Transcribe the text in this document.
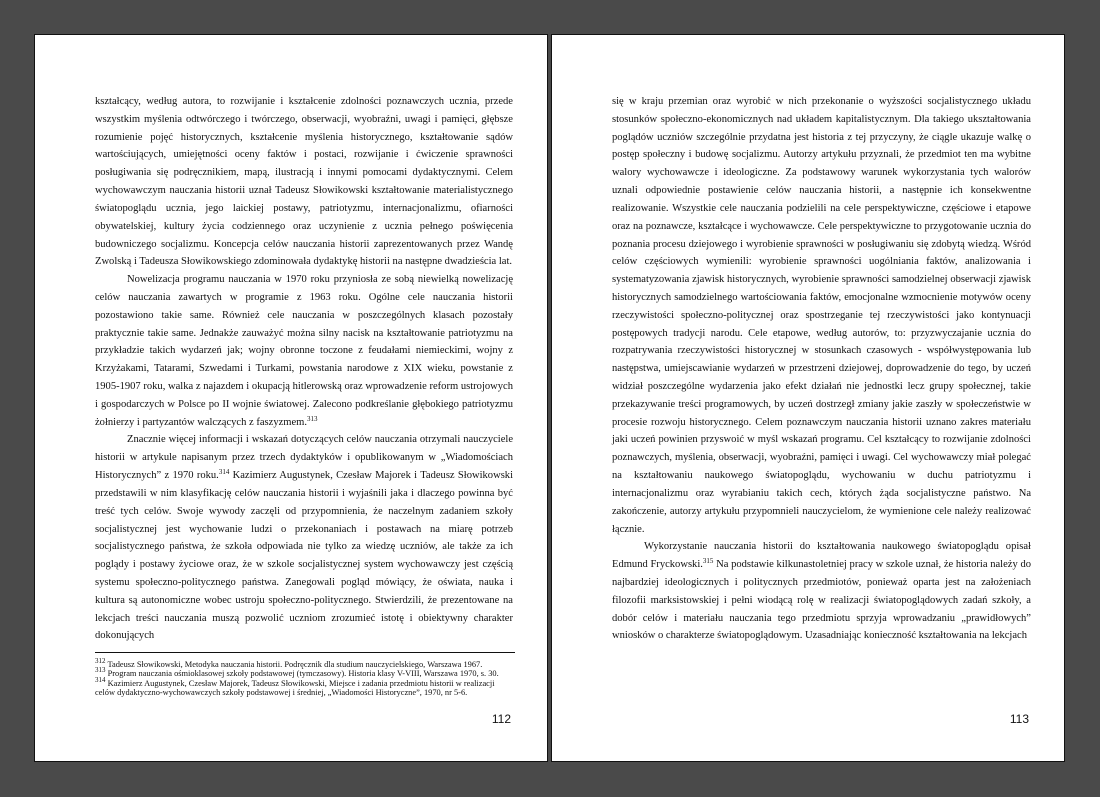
kształcący, według autora, to rozwijanie i kształcenie zdolności poznawczych ucznia, przede wszystkim myślenia odtwórczego i twórczego, obserwacji, wyobraźni, uwagi i pamięci, głębsze rozumienie pojęć historycznych, kształcenie myślenia historycznego, kształtowanie sądów wartościujących, umiejętności oceny faktów i postaci, rozwijanie i ćwiczenie sprawności posługiwania się podręcznikiem, mapą, ilustracją i innymi pomocami dydaktycznymi. Celem wychowawczym nauczania historii uznał Tadeusz Słowikowski kształtowanie materialistycznego światopoglądu ucznia, jego laickiej postawy, patriotyzmu, internacjonalizmu, ofiarności obywatelskiej, kultury życia codziennego oraz uczynienie z ucznia pełnego poświęcenia budowniczego socjalizmu. Koncepcja celów nauczania historii zaprezentowanych przez Wandę Zwolską i Tadeusza Słowikowskiego zdominowała dydaktykę historii na następne dwadzieścia lat.

Nowelizacja programu nauczania w 1970 roku przyniosła ze sobą niewielką nowelizację celów nauczania zawartych w programie z 1963 roku. Ogólne cele nauczania historii pozostawiono takie same. Również cele nauczania w poszczególnych klasach pozostały praktycznie takie same. Jednakże zauważyć można silny nacisk na kształtowanie patriotyzmu na przykładzie takich wydarzeń jak; wojny obronne toczone z feudałami niemieckimi, wojny z Krzyżakami, Tatarami, Szwedami i Turkami, powstania narodowe z XIX wieku, powstanie z 1905-1907 roku, walka z najazdem i okupacją hitlerowską oraz wprowadzenie reform ustrojowych i gospodarczych w Polsce po II wojnie światowej. Zalecono podkreślanie głębokiego patriotyzmu żołnierzy i partyzantów walczących z faszyzmem.$^{313}$

Znacznie więcej informacji i wskazań dotyczących celów nauczania otrzymali nauczyciele historii w artykule napisanym przez trzech dydaktyków i opublikowanym w „Wiadomościach Historycznych” z 1970 roku.$^{314}$ Kazimierz Augustynek, Czesław Majorek i Tadeusz Słowikowski przedstawili w nim klasyfikację celów nauczania historii i wyjaśnili jaka i dlaczego powinna być treść tych celów. Swoje wywody zaczęli od przypomnienia, że naczelnym zadaniem szkoły socjalistycznej jest wychowanie ludzi o przekonaniach i postawach na miarę potrzeb socjalistycznego państwa, że szkoła odpowiada nie tylko za wiedzę uczniów, ale także za ich poglądy i postawy życiowe oraz, że w szkole socjalistycznej system wychowawczy jest częścią systemu społeczno-politycznego państwa. Zanegowali pogląd mówiący, że oświata, nauka i kultura są autonomiczne wobec ustroju społeczno-politycznego. Stwierdzili, że prezentowane na lekcjach treści nauczania muszą pozwolić uczniom zrozumieć istotę i obiektywny charakter dokonujących

$^{312}$ Tadeusz Słowikowski, Metodyka nauczania historii. Podręcznik dla studium nauczycielskiego, Warszawa 1967.

$^{313}$ Program nauczania ośmioklasowej szkoły podstawowej (tymczasowy). Historia klasy V-VIII, Warszawa 1970, s. 30.

$^{314}$ Kazimierz Augustynek, Czesław Majorek, Tadeusz Słowikowski, Miejsce i zadania przedmiotu historii w realizacji celów dydaktyczno-wychowawczych szkoły podstawowej i średniej, „Wiadomości Historyczne”, 1970, nr 5-6.

112

się w kraju przemian oraz wyrobić w nich przekonanie o wyższości socjalistycznego układu stosunków społeczno-ekonomicznych nad układem kapitalistycznym. Dla takiego ukształtowania poglądów uczniów szczególnie przydatna jest historia z tej przyczyny, że ciągle ukazuje walkę o postęp społeczny i budowę socjalizmu. Autorzy artykułu przyznali, że przedmiot ten ma wybitne walory wychowawcze i ideologiczne. Za podstawowy warunek wykorzystania tych walorów uznali odpowiednie postawienie celów nauczania historii, a następnie ich konsekwentne realizowanie. Wszystkie cele nauczania podzielili na cele perspektywiczne, częściowe i etapowe oraz na poznawcze, kształcące i wychowawcze. Cele perspektywiczne to przygotowanie ucznia do poznania procesu dziejowego i wyrobienie sprawności w posługiwaniu się zdobytą wiedzą. Wśród celów częściowych wymienili: wyrobienie sprawności uogólniania faktów, analizowania i systematyzowania zjawisk historycznych, wyrobienie sprawności samodzielnej obserwacji zjawisk historycznych samodzielnego wartościowania faktów, emocjonalne wzmocnienie motywów oceny rzeczywistości społeczno-politycznej oraz spostrzeganie tej rzeczywistości jako kontynuacji postępowych tradycji narodu. Cele etapowe, według autorów, to: przyzwyczajanie ucznia do rozpatrywania rzeczywistości historycznej w stosunkach czasowych - współwystępowania lub następstwa, umiejscawianie wydarzeń w przestrzeni dziejowej, doprowadzenie do tego, by uczeń widział poszczególne wydarzenia jako efekt działań nie jednostki lecz grupy społecznej, takie przekazywanie treści programowych, by uczeń dostrzegł zmiany jakie zaszły w społeczeństwie w procesie rozwoju historycznego. Celem poznawczym nauczania historii uznano zakres materiału jaki uczeń powinien przyswoić w myśl wskazań programu. Cel kształcący to rozwijanie zdolności poznawczych, myślenia, obserwacji, wyobraźni, pamięci i uwagi. Cel wychowawczy miał polegać na kształtowaniu naukowego światopoglądu, wychowaniu w duchu patriotyzmu i internacjonalizmu oraz wyrabianiu takich cech, których żąda socjalistyczne państwo. Na zakończenie, autorzy artykułu przypomnieli nauczycielom, że wymienione cele należy realizować łącznie.

Wykorzystanie nauczania historii do kształtowania naukowego światopoglądu opisał Edmund Fryckowski.$^{315}$ Na podstawie kilkunastoletniej pracy w szkole uznał, że historia należy do najbardziej ideologicznych i politycznych przedmiotów, ponieważ oparta jest na założeniach filozofii marksistowskiej i pełni wiodącą rolę w realizacji światopoglądowych zadań szkoły, a dobór celów i materiału nauczania tego przedmiotu sprzyja wprowadzaniu „prawidłowych” wniosków o charakterze światopoglądowym. Uzasadniając konieczność kształtowania na lekcjach

113
